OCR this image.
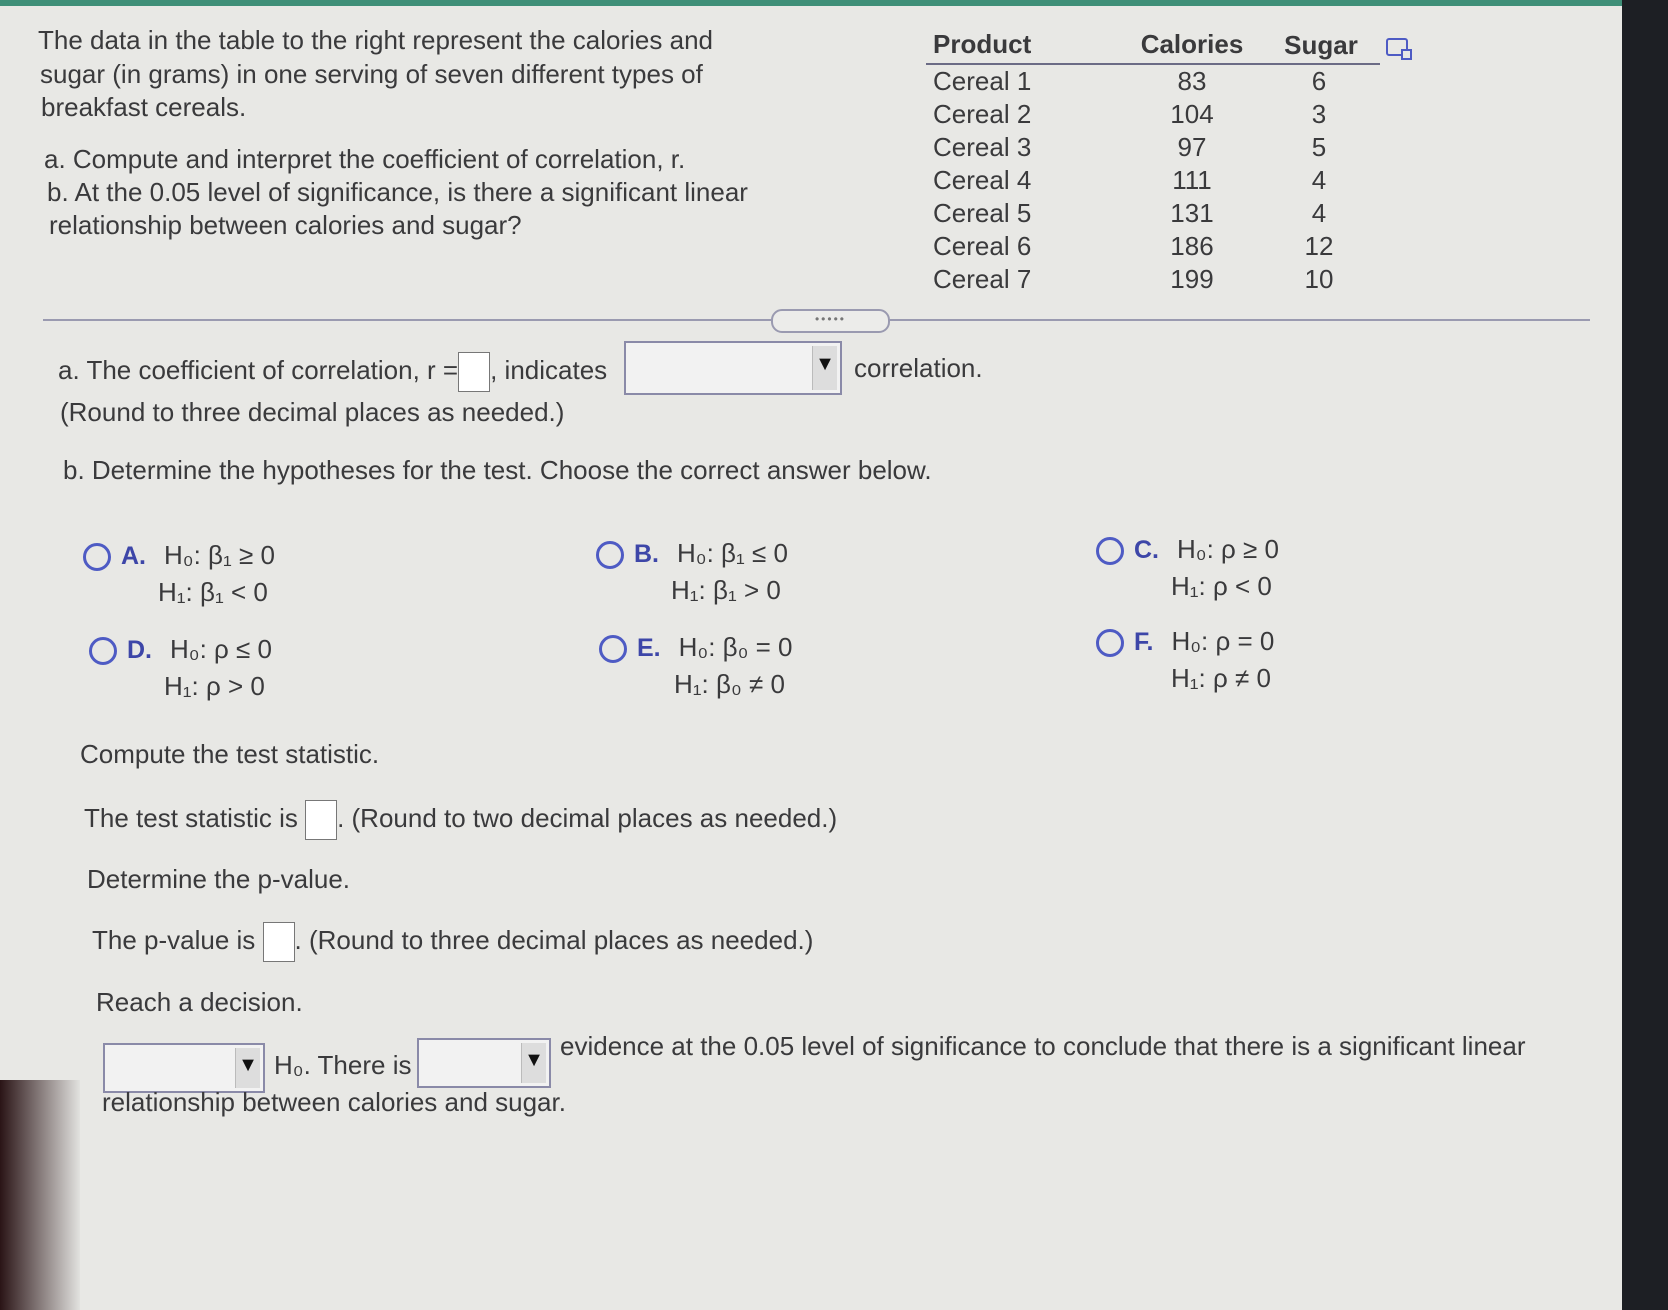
The data in the table to the right represent the calories and
sugar (in grams) in one serving of seven different types of
breakfast cereals.
a. Compute and interpret the coefficient of correlation, r.
b. At the 0.05 level of significance, is there a significant linear
relationship between calories and sugar?
Product	Calories Sugar
Cereal 1	83	6
Cereal 2	104	3
Cereal 3	97	5
Cereal 4	111	4
Cereal 5	131	4
Cereal 6	186	12
Cereal 7	199	10
•••••
a. The coefficient of correlation, r = , indicates	▼ correlation.
(Round to three decimal places as needed.)
b. Determine the hypotheses for the test. Choose the correct answer below.
A. H₀: β₁ ≥ 0
H₁: β₁ < 0
B. H₀: β₁ ≤ 0
H₁: β₁ > 0
C. H₀: ρ ≥ 0
H₁: ρ < 0
D. H₀: ρ ≤ 0
H₁: ρ > 0
E. H₀: β₀ = 0
H₁: β₀ ≠ 0
F. H₀: ρ = 0
H₁: ρ ≠ 0
Compute the test statistic.
The test statistic is . (Round to two decimal places as needed.)
Determine the p-value.
The p-value is . (Round to three decimal places as needed.)
Reach a decision.
▼ H₀. There is	▼ evidence at the 0.05 level of significance to conclude that there is a significant linear
relationship between calories and sugar.
